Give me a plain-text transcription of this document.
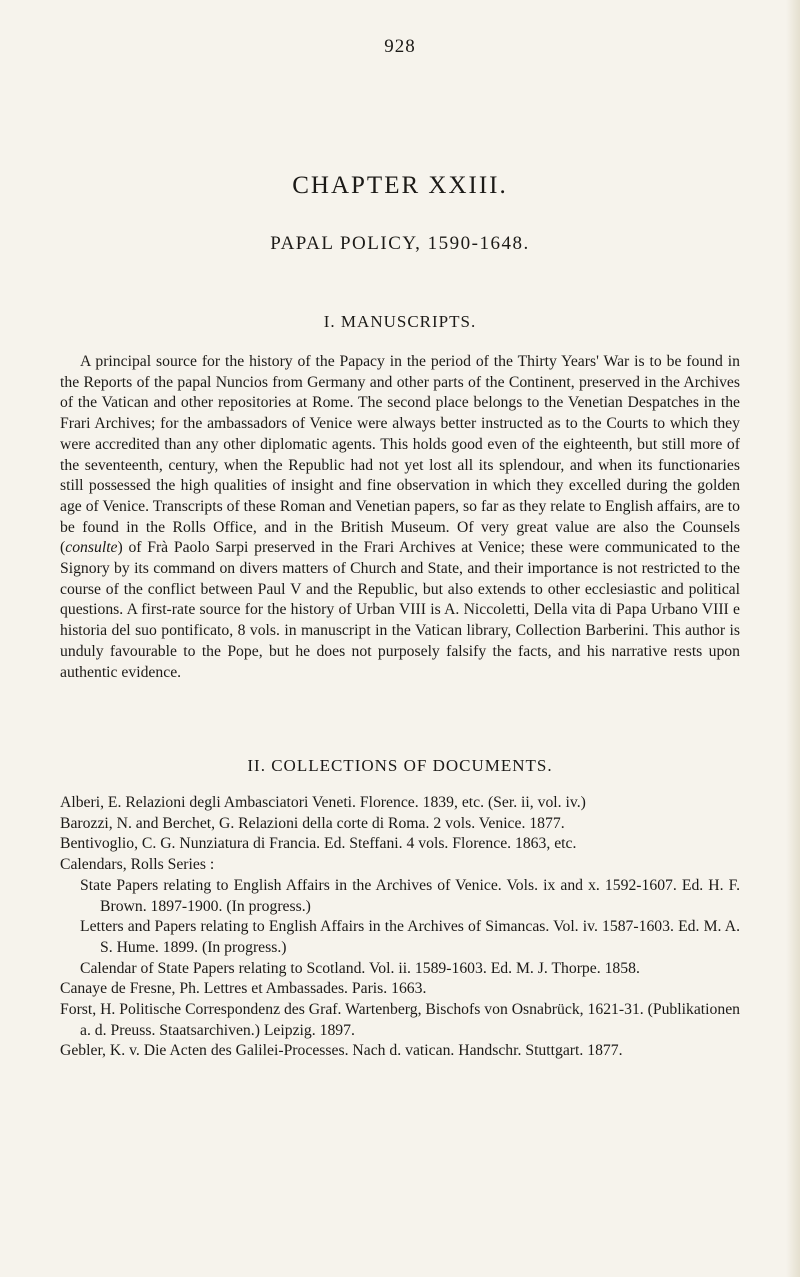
928
CHAPTER XXIII.
PAPAL POLICY, 1590-1648.
I. MANUSCRIPTS.

A principal source for the history of the Papacy in the period of the Thirty Years' War is to be found in the Reports of the papal Nuncios from Germany and other parts of the Continent, preserved in the Archives of the Vatican and other repositories at Rome. The second place belongs to the Venetian Despatches in the Frari Archives; for the ambassadors of Venice were always better instructed as to the Courts to which they were accredited than any other diplomatic agents. This holds good even of the eighteenth, but still more of the seventeenth, century, when the Republic had not yet lost all its splendour, and when its functionaries still possessed the high qualities of insight and fine observation in which they excelled during the golden age of Venice. Transcripts of these Roman and Venetian papers, so far as they relate to English affairs, are to be found in the Rolls Office, and in the British Museum. Of very great value are also the Counsels (consulte) of Frà Paolo Sarpi preserved in the Frari Archives at Venice; these were communicated to the Signory by its command on divers matters of Church and State, and their importance is not restricted to the course of the conflict between Paul V and the Republic, but also extends to other ecclesiastic and political questions. A first-rate source for the history of Urban VIII is A. Niccoletti, Della vita di Papa Urbano VIII e historia del suo pontificato, 8 vols. in manuscript in the Vatican library, Collection Barberini. This author is unduly favourable to the Pope, but he does not purposely falsify the facts, and his narrative rests upon authentic evidence.

II. COLLECTIONS OF DOCUMENTS.

Alberi, E. Relazioni degli Ambasciatori Veneti. Florence. 1839, etc. (Ser. ii, vol. iv.)

Barozzi, N. and Berchet, G. Relazioni della corte di Roma. 2 vols. Venice. 1877.

Bentivoglio, C. G. Nunziatura di Francia. Ed. Steffani. 4 vols. Florence. 1863, etc.

Calendars, Rolls Series :

State Papers relating to English Affairs in the Archives of Venice. Vols. ix and x. 1592-1607. Ed. H. F. Brown. 1897-1900. (In progress.)

Letters and Papers relating to English Affairs in the Archives of Simancas. Vol. iv. 1587-1603. Ed. M. A. S. Hume. 1899. (In progress.)

Calendar of State Papers relating to Scotland. Vol. ii. 1589-1603. Ed. M. J. Thorpe. 1858.

Canaye de Fresne, Ph. Lettres et Ambassades. Paris. 1663.

Forst, H. Politische Correspondenz des Graf. Wartenberg, Bischofs von Osnabrück, 1621-31. (Publikationen a. d. Preuss. Staatsarchiven.) Leipzig. 1897.

Gebler, K. v. Die Acten des Galilei-Processes. Nach d. vatican. Handschr. Stuttgart. 1877.
